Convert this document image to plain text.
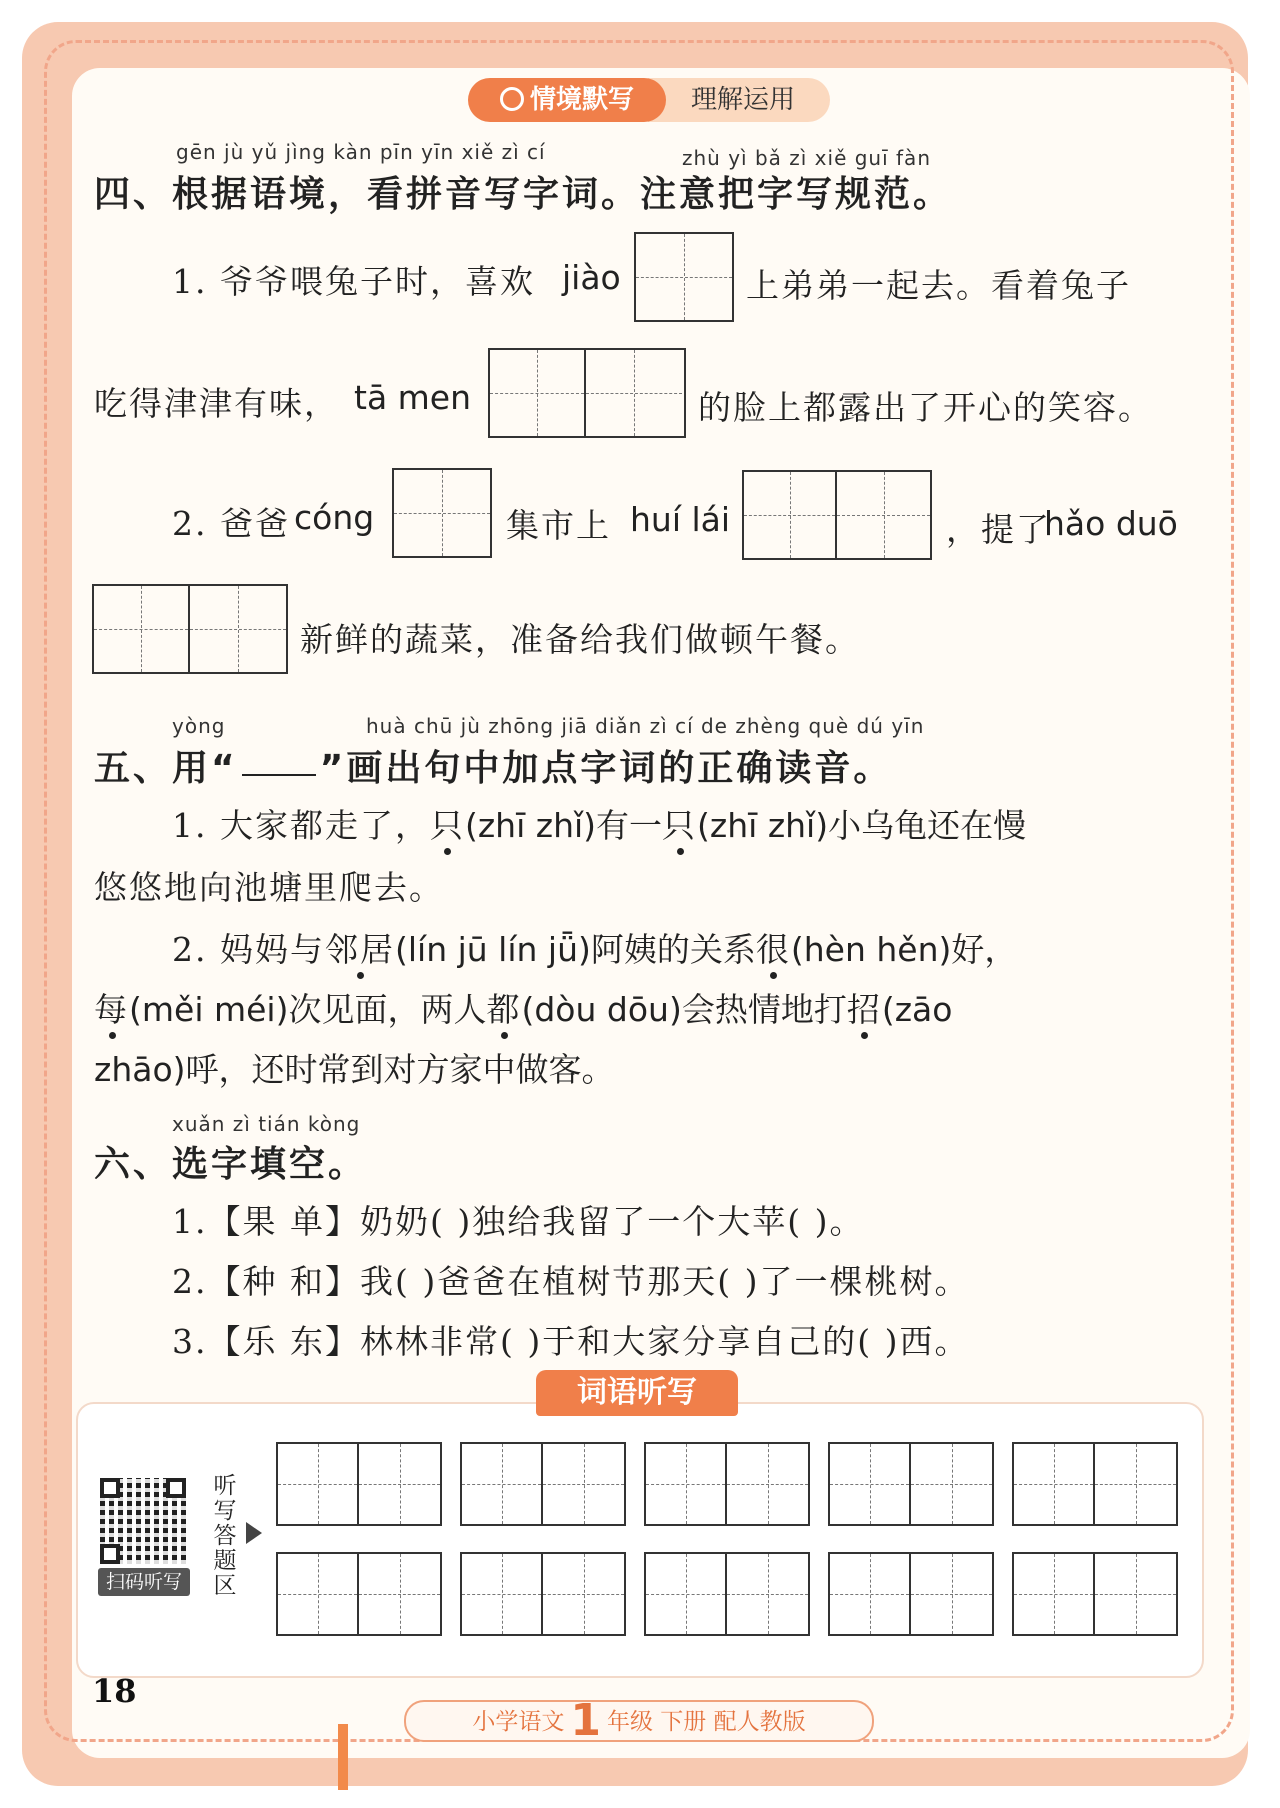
理解运用
情境默写
gēn jù yǔ jìng kàn pīn yīn xiě zì cí	zhù yì bǎ zì xiě guī fàn
四、根据语境，看拼音写字词。注意把字写规范。
1. 爷爷喂兔子时，喜欢 jiào	上弟弟一起去。看着兔子
吃得津津有味， tā men	的脸上都露出了开心的笑容。
2. 爸爸 cóng	集市上 huí lái	，提了
hǎo duō
新鲜的蔬菜，准备给我们做顿午餐。
yòng	huà chū jù zhōng jiā diǎn zì cí de zhèng què dú yīn
五、用“ ”画出句中加点字词的正确读音。
1. 大家都走了，只(zhī zhǐ)有一只(zhī zhǐ)小乌龟还在慢
悠悠地向池塘里爬去。
2. 妈妈与邻居(lín jū lín jǖ)阿姨的关系很(hèn hěn)好，
每(měi méi)次见面，两人都(dòu dōu)会热情地打招(zāo
zhāo)呼，还时常到对方家中做客。
xuǎn zì tián kòng
六、选字填空。
1.【果 单】奶奶( )独给我留了一个大苹( )。
2.【种 和】我( )爸爸在植树节那天( )了一棵桃树。
3.【乐 东】林林非常( )于和大家分享自己的( )西。
词语听写
扫码听写
听写答题区
18
小学语文 1 年级 下册 配人教版
